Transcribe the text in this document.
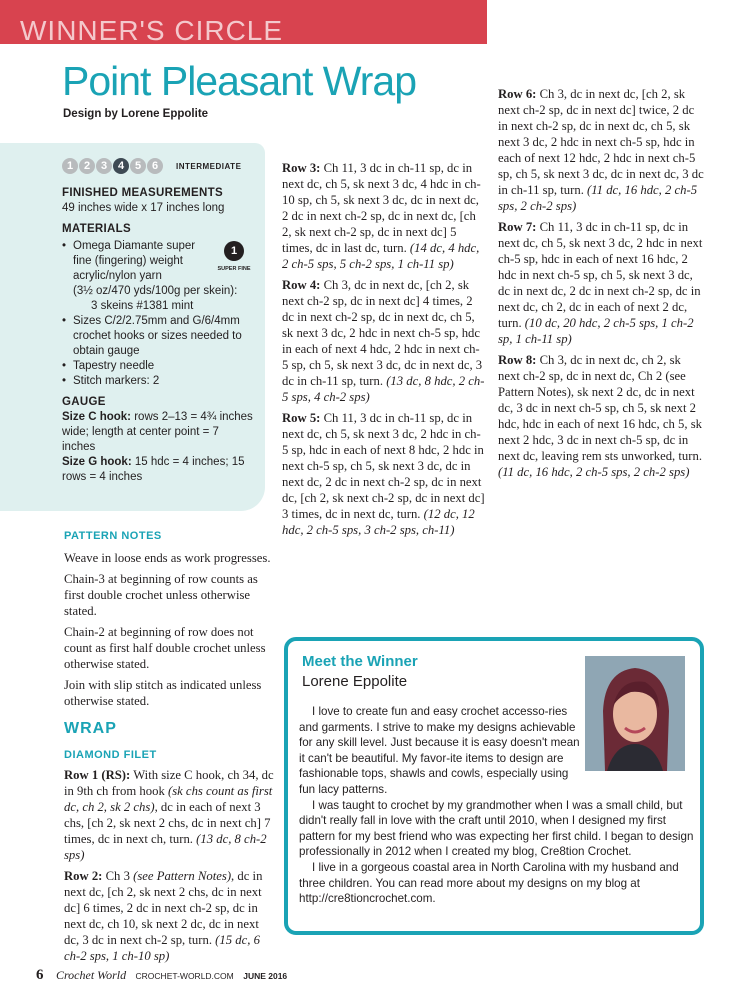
WINNER'S CIRCLE
Point Pleasant Wrap
Design by Lorene Eppolite
1 2 3 4 5 6	INTERMEDIATE
FINISHED MEASUREMENTS
49 inches wide x 17 inches long
MATERIALS
• Omega Diamante super
fine (fingering) weight
acrylic/nylon yarn
(3½ oz/470 yds/100g per skein):
3 skeins #1381 mint
• Sizes C/2/2.75mm and G/6/4mm crochet hooks or sizes needed to obtain gauge
• Tapestry needle
• Stitch markers: 2
1
SUPER FINE
GAUGE

Size C hook: rows 2–13 = 4¾ inches wide; length at center point = 7 inches

Size G hook: 15 hdc = 4 inches; 15 rows = 4 inches

PATTERN NOTES

Weave in loose ends as work progresses.

Chain-3 at beginning of row counts as first double crochet unless otherwise stated.

Chain-2 at beginning of row does not count as first half double crochet unless otherwise stated.

Join with slip stitch as indicated unless otherwise stated.

WRAP
DIAMOND FILET

Row 1 (RS): With size C hook, ch 34, dc in 9th ch from hook (sk chs count as first dc, ch 2, sk 2 chs), dc in each of next 3 chs, [ch 2, sk next 2 chs, dc in next ch] 7 times, dc in next ch, turn. (13 dc, 8 ch-2 sps)

Row 2: Ch 3 (see Pattern Notes), dc in next dc, [ch 2, sk next 2 chs, dc in next dc] 6 times, 2 dc in next ch-2 sp, dc in next dc, ch 10, sk next 2 dc, dc in next dc, 3 dc in next ch-2 sp, turn. (15 dc, 6 ch-2 sps, 1 ch-10 sp)

Row 3: Ch 11, 3 dc in ch-11 sp, dc in next dc, ch 5, sk next 3 dc, 4 hdc in ch-10 sp, ch 5, sk next 3 dc, dc in next dc, 2 dc in next ch-2 sp, dc in next dc, [ch 2, sk next ch-2 sp, dc in next dc] 5 times, dc in last dc, turn. (14 dc, 4 hdc, 2 ch-5 sps, 5 ch-2 sps, 1 ch-11 sp)

Row 4: Ch 3, dc in next dc, [ch 2, sk next ch-2 sp, dc in next dc] 4 times, 2 dc in next ch-2 sp, dc in next dc, ch 5, sk next 3 dc, 2 hdc in next ch-5 sp, hdc in each of next 4 hdc, 2 hdc in next ch-5 sp, ch 5, sk next 3 dc, dc in next dc, 3 dc in ch-11 sp, turn. (13 dc, 8 hdc, 2 ch-5 sps, 4 ch-2 sps)

Row 5: Ch 11, 3 dc in ch-11 sp, dc in next dc, ch 5, sk next 3 dc, 2 hdc in ch-5 sp, hdc in each of next 8 hdc, 2 hdc in next ch-5 sp, ch 5, sk next 3 dc, dc in next dc, 2 dc in next ch-2 sp, dc in next dc, [ch 2, sk next ch-2 sp, dc in next dc] 3 times, dc in next dc, turn. (12 dc, 12 hdc, 2 ch-5 sps, 3 ch-2 sps, ch-11)

Row 6: Ch 3, dc in next dc, [ch 2, sk next ch-2 sp, dc in next dc] twice, 2 dc in next ch-2 sp, dc in next dc, ch 5, sk next 3 dc, 2 hdc in next ch-5 sp, hdc in each of next 12 hdc, 2 hdc in next ch-5 sp, ch 5, sk next 3 dc, dc in next dc, 3 dc in ch-11 sp, turn. (11 dc, 16 hdc, 2 ch-5 sps, 2 ch-2 sps)

Row 7: Ch 11, 3 dc in ch-11 sp, dc in next dc, ch 5, sk next 3 dc, 2 hdc in next ch-5 sp, hdc in each of next 16 hdc, 2 hdc in next ch-5 sp, ch 5, sk next 3 dc, dc in next dc, 2 dc in next ch-2 sp, dc in next dc, ch 2, dc in each of next 2 dc, turn. (10 dc, 20 hdc, 2 ch-5 sps, 1 ch-2 sp, 1 ch-11 sp)

Row 8: Ch 3, dc in next dc, ch 2, sk next ch-2 sp, dc in next dc, Ch 2 (see Pattern Notes), sk next 2 dc, dc in next dc, 3 dc in next ch-5 sp, ch 5, sk next 2 hdc, hdc in each of next 16 hdc, ch 5, sk next 2 hdc, 3 dc in next ch-5 sp, dc in next dc, leaving rem sts unworked, turn. (11 dc, 16 hdc, 2 ch-5 sps, 2 ch-2 sps)

Meet the Winner
Lorene Eppolite

I love to create fun and easy crochet accesso-ries and garments. I strive to make my designs achievable for any skill level. Just because it is easy doesn't mean it can't be beautiful. My favor-ite items to design are fashionable tops, shawls and cowls, especially using fun lacy patterns.

I was taught to crochet by my grandmother when I was a small child, but didn't really fall in love with the craft until 2010, when I designed my first pattern for my best friend who was expecting her first child. I began to design professionally in 2012 when I created my blog, Cre8tion Crochet.

I live in a gorgeous coastal area in North Carolina with my husband and three children. You can read more about my designs on my blog at http://cre8tioncrochet.com.

6 Crochet World CROCHET-WORLD.COM JUNE 2016
